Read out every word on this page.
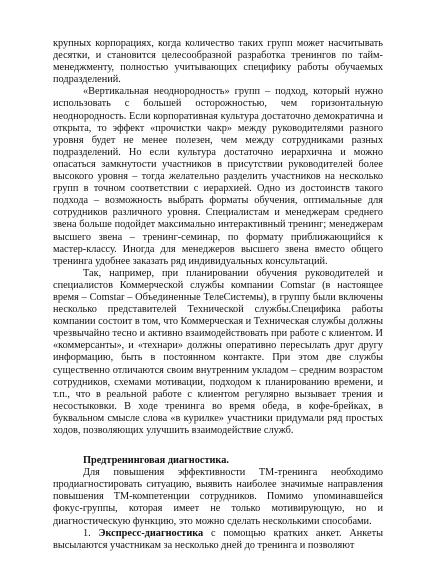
крупных корпорациях, когда количество таких групп может насчитывать десятки, и становится целесообразной разработка тренингов по тайм-менеджменту, полностью учитывающих специфику работы обучаемых подразделений.

«Вертикальная неоднородность» групп – подход, который нужно использовать с большей осторожностью, чем горизонтальную неоднородность. Если корпоративная культура достаточно демократична и открыта, то эффект «прочистки чакр» между руководителями разного уровня будет не менее полезен, чем между сотрудниками разных подразделений. Но если культура достаточно иерархична и можно опасаться замкнутости участников в присутствии руководителей более высокого уровня – тогда желательно разделить участников на несколько групп в точном соответствии с иерархией. Одно из достоинств такого подхода – возможность выбрать форматы обучения, оптимальные для сотрудников различного уровня. Специалистам и менеджерам среднего звена больше подойдет максимально интерактивный тренинг; менеджерам высшего звена – тренинг-семинар, по формату приближающийся к мастер-классу. Иногда для менеджеров высшего звена вместо общего тренинга удобнее заказать ряд индивидуальных консультаций.

Так, например, при планировании обучения руководителей и специалистов Коммерческой службы компании Comstar (в настоящее время – Comstar – Объединенные ТелеСистемы), в группу были включены несколько представителей Технической службы.Специфика работы компании состоит в том, что Коммерческая и Техническая службы должны чрезвычайно тесно и активно взаимодействовать при работе с клиентом. И «коммерсанты», и «технари» должны оперативно пересылать друг другу информацию, быть в постоянном контакте. При этом две службы существенно отличаются своим внутренним укладом – средним возрастом сотрудников, схемами мотивации, подходом к планированию времени, и т.п., что в реальной работе с клиентом регулярно вызывает трения и несостыковки. В ходе тренинга во время обеда, в кофе-брейках, в буквальном смысле слова «в курилке» участники придумали ряд простых ходов, позволяющих улучшить взаимодействие служб.

Предтренинговая диагностика.

Для повышения эффективности ТМ-тренинга необходимо продиагностировать ситуацию, выявить наиболее значимые направления повышения ТМ-компетенции сотрудников. Помимо упоминавшейся фокус-группы, которая имеет не только мотивирующую, но и диагностическую функцию, это можно сделать несколькими способами.

1. Экспресс-диагностика с помощью кратких анкет. Анкеты высылаются участникам за несколько дней до тренинга и позволяют
